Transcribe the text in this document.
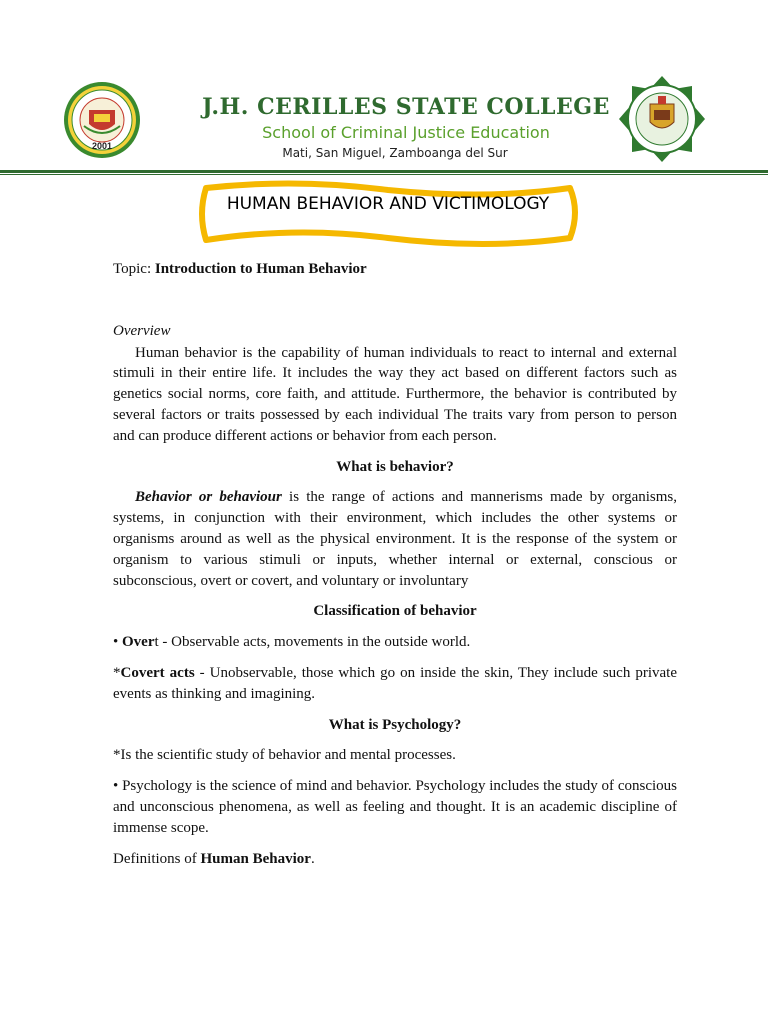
2001
J.H. CERILLES STATE COLLEGE
School of Criminal Justice Education
Mati, San Miguel, Zamboanga del Sur
HUMAN BEHAVIOR AND VICTIMOLOGY

Topic: Introduction to Human Behavior

Overview

Human behavior is the capability of human individuals to react to internal and external stimuli in their entire life. It includes the way they act based on different factors such as genetics social norms, core faith, and attitude. Furthermore, the behavior is contributed by several factors or traits possessed by each individual The traits vary from person to person and can produce different actions or behavior from each person.

What is behavior?

Behavior or behaviour is the range of actions and mannerisms made by organisms, systems, in conjunction with their environment, which includes the other systems or organisms around as well as the physical environment. It is the response of the system or organism to various stimuli or inputs, whether internal or external, conscious or subconscious, overt or covert, and voluntary or involuntary

Classification of behavior

• Overt - Observable acts, movements in the outside world.

*Covert acts - Unobservable, those which go on inside the skin, They include such private events as thinking and imagining.

What is Psychology?

*Is the scientific study of behavior and mental processes.

• Psychology is the science of mind and behavior. Psychology includes the study of conscious and unconscious phenomena, as well as feeling and thought. It is an academic discipline of immense scope.

Definitions of Human Behavior.
